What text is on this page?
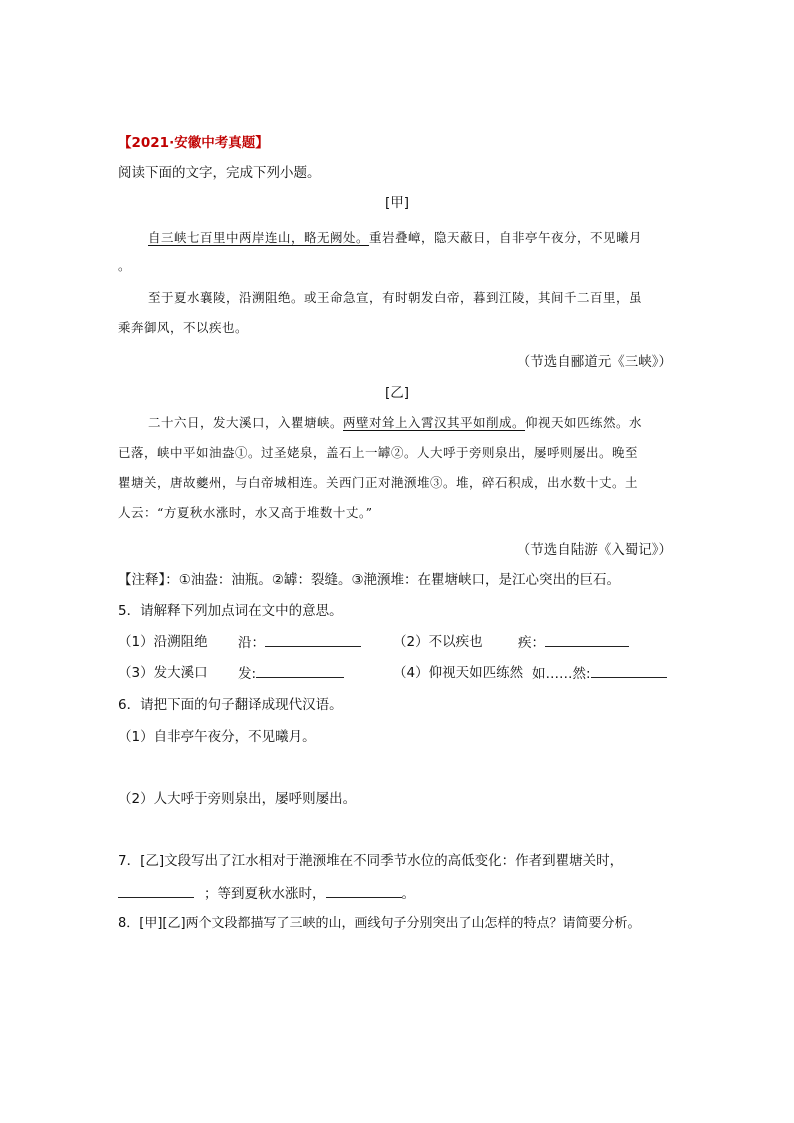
【2021·安徽中考真题】
阅读下面的文字，完成下列小题。
[甲]
自三峡七百里中两岸连山，略无阙处。重岩叠嶂，隐天蔽日，自非亭午夜分，不见曦月
。
至于夏水襄陵，沿溯阻绝。或王命急宣，有时朝发白帝，暮到江陵，其间千二百里，虽
乘奔御风，不以疾也。
（节选自郦道元《三峡》）
[乙]
二十六日，发大溪口，入瞿塘峡。两壁对耸上入霄汉其平如削成。仰视天如匹练然。水
已落，峡中平如油盎①。过圣姥泉，盖石上一罅②。人大呼于旁则泉出，屡呼则屡出。晚至
瞿塘关，唐故夔州，与白帝城相连。关西门正对滟滪堆③。堆，碎石积成，出水数十丈。土
人云：“方夏秋水涨时，水又高于堆数十丈。”
（节选自陆游《入蜀记》）
【注释】：①油盎：油瓶。②罅：裂缝。③滟滪堆：在瞿塘峡口，是江心突出的巨石。
5．请解释下列加点词在文中的意思。
（1）沿溯阻绝 沿：	（2）不以疾也	疾：
（3）发大溪口 发:	（4）仰视天如匹练然 如……然:
6．请把下面的句子翻译成现代汉语。
（1）自非亭午夜分，不见曦月。
（2）人大呼于旁则泉出，屡呼则屡出。
7．[乙]文段写出了江水相对于滟滪堆在不同季节水位的高低变化：作者到瞿塘关时，
；等到夏秋水涨时，	。
8．[甲][乙]两个文段都描写了三峡的山，画线句子分别突出了山怎样的特点？请简要分析。
